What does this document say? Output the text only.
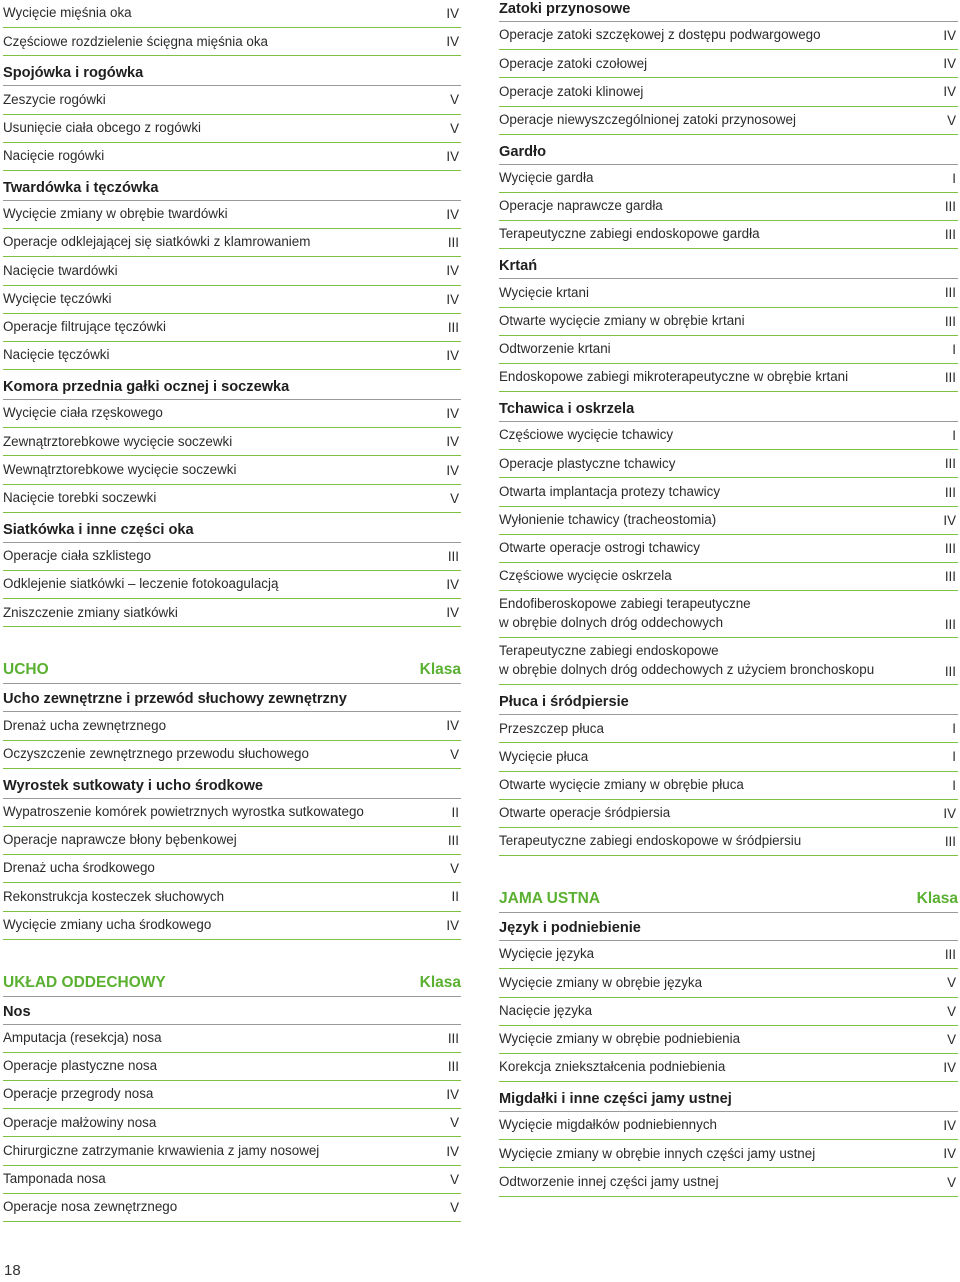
Wycięcie mięśnia oka	IV
Częściowe rozdzielenie ścięgna mięśnia oka	IV
Spojówka i rogówka
Zeszycie rogówki	V
Usunięcie ciała obcego z rogówki	V
Nacięcie rogówki	IV
Twardówka i tęczówka
Wycięcie zmiany w obrębie twardówki	IV
Operacje odklejającej się siatkówki z klamrowaniem	III
Nacięcie twardówki	IV
Wycięcie tęczówki	IV
Operacje filtrujące tęczówki	III
Nacięcie tęczówki	IV
Komora przednia gałki ocznej i soczewka
Wycięcie ciała rzęskowego	IV
Zewnątrztorebkowe wycięcie soczewki	IV
Wewnątrztorebkowe wycięcie soczewki	IV
Nacięcie torebki soczewki	V
Siatkówka i inne części oka
Operacje ciała szklistego	III
Odklejenie siatkówki – leczenie fotokoagulacją	IV
Zniszczenie zmiany siatkówki	IV
UCHO	Klasa
Ucho zewnętrzne i przewód słuchowy zewnętrzny
Drenaż ucha zewnętrznego	IV
Oczyszczenie zewnętrznego przewodu słuchowego	V
Wyrostek sutkowaty i ucho środkowe
Wypatroszenie komórek powietrznych wyrostka sutkowatego	II
Operacje naprawcze błony bębenkowej	III
Drenaż ucha środkowego	V
Rekonstrukcja kosteczek słuchowych	II
Wycięcie zmiany ucha środkowego	IV
UKŁAD ODDECHOWY	Klasa
Nos
Amputacja (resekcja) nosa	III
Operacje plastyczne nosa	III
Operacje przegrody nosa	IV
Operacje małżowiny nosa	V
Chirurgiczne zatrzymanie krwawienia z jamy nosowej	IV
Tamponada nosa	V
Operacje nosa zewnętrznego	V
Zatoki przynosowe
Operacje zatoki szczękowej z dostępu podwargowego	IV
Operacje zatoki czołowej	IV
Operacje zatoki klinowej	IV
Operacje niewyszczególnionej zatoki przynosowej	V
Gardło
Wycięcie gardła	I
Operacje naprawcze gardła	III
Terapeutyczne zabiegi endoskopowe gardła	III
Krtań
Wycięcie krtani	III
Otwarte wycięcie zmiany w obrębie krtani	III
Odtworzenie krtani	I
Endoskopowe zabiegi mikroterapeutyczne w obrębie krtani	III
Tchawica i oskrzela
Częściowe wycięcie tchawicy	I
Operacje plastyczne tchawicy	III
Otwarta implantacja protezy tchawicy	III
Wyłonienie tchawicy (tracheostomia)	IV
Otwarte operacje ostrogi tchawicy	III
Częściowe wycięcie oskrzela	III
Endofiberoskopowe zabiegi terapeutyczne
w obrębie dolnych dróg oddechowych	III
Terapeutyczne zabiegi endoskopowe
w obrębie dolnych dróg oddechowych z użyciem bronchoskopu	III
Płuca i śródpiersie
Przeszczep płuca	I
Wycięcie płuca	I
Otwarte wycięcie zmiany w obrębie płuca	I
Otwarte operacje śródpiersia	IV
Terapeutyczne zabiegi endoskopowe w śródpiersiu	III
JAMA USTNA	Klasa
Język i podniebienie
Wycięcie języka	III
Wycięcie zmiany w obrębie języka	V
Nacięcie języka	V
Wycięcie zmiany w obrębie podniebienia	V
Korekcja zniekształcenia podniebienia	IV
Migdałki i inne części jamy ustnej
Wycięcie migdałków podniebiennych	IV
Wycięcie zmiany w obrębie innych części jamy ustnej	IV
Odtworzenie innej części jamy ustnej	V
18
